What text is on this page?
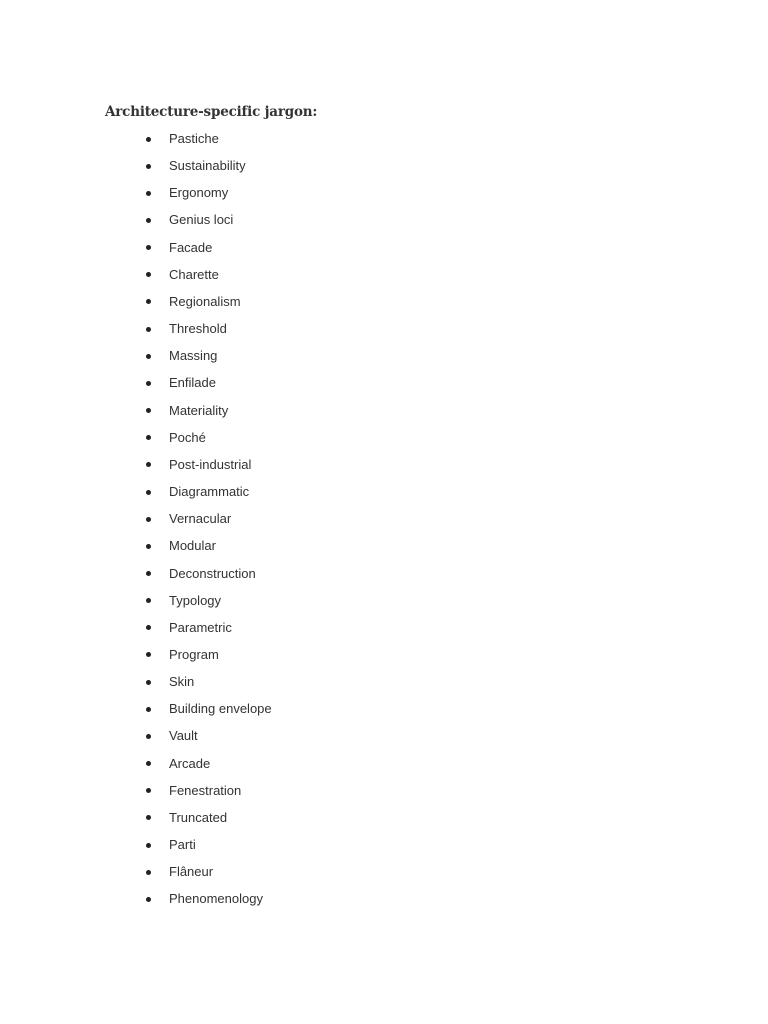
Architecture-specific jargon:
Pastiche
Sustainability
Ergonomy
Genius loci
Facade
Charette
Regionalism
Threshold
Massing
Enfilade
Materiality
Poché
Post-industrial
Diagrammatic
Vernacular
Modular
Deconstruction
Typology
Parametric
Program
Skin
Building envelope
Vault
Arcade
Fenestration
Truncated
Parti
Flâneur
Phenomenology
